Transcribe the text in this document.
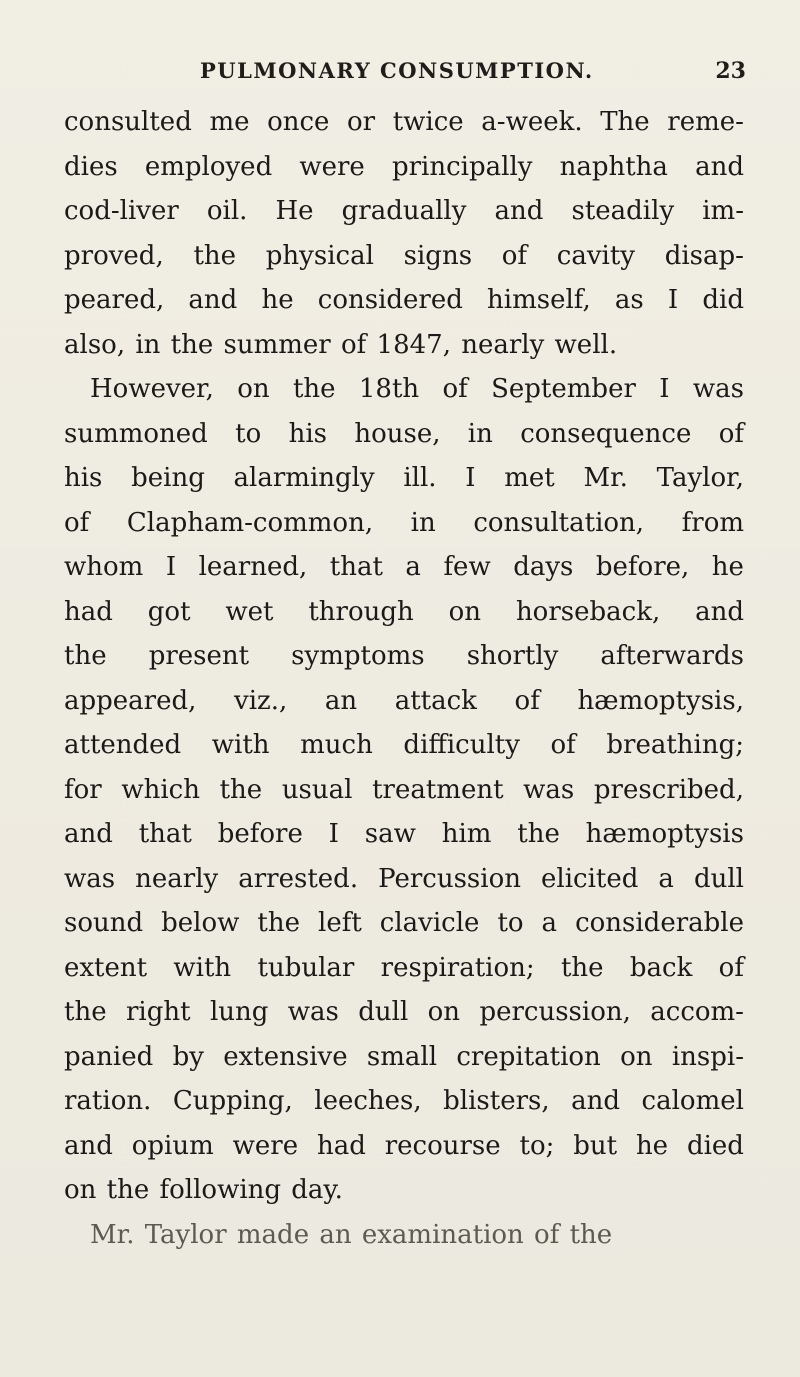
PULMONARY CONSUMPTION.	23
consulted me once or twice a-week. The reme-
dies employed were principally naphtha and
cod-liver oil. He gradually and steadily im-
proved, the physical signs of cavity disap-
peared, and he considered himself, as I did
also, in the summer of 1847, nearly well.
However, on the 18th of September I was
summoned to his house, in consequence of
his being alarmingly ill. I met Mr. Taylor,
of Clapham-common, in consultation, from
whom I learned, that a few days before, he
had got wet through on horseback, and
the present symptoms shortly afterwards
appeared, viz., an attack of hæmoptysis,
attended with much difficulty of breathing;
for which the usual treatment was prescribed,
and that before I saw him the hæmoptysis
was nearly arrested. Percussion elicited a dull
sound below the left clavicle to a considerable
extent with tubular respiration; the back of
the right lung was dull on percussion, accom-
panied by extensive small crepitation on inspi-
ration. Cupping, leeches, blisters, and calomel
and opium were had recourse to; but he died
on the following day.
Mr. Taylor made an examination of the
